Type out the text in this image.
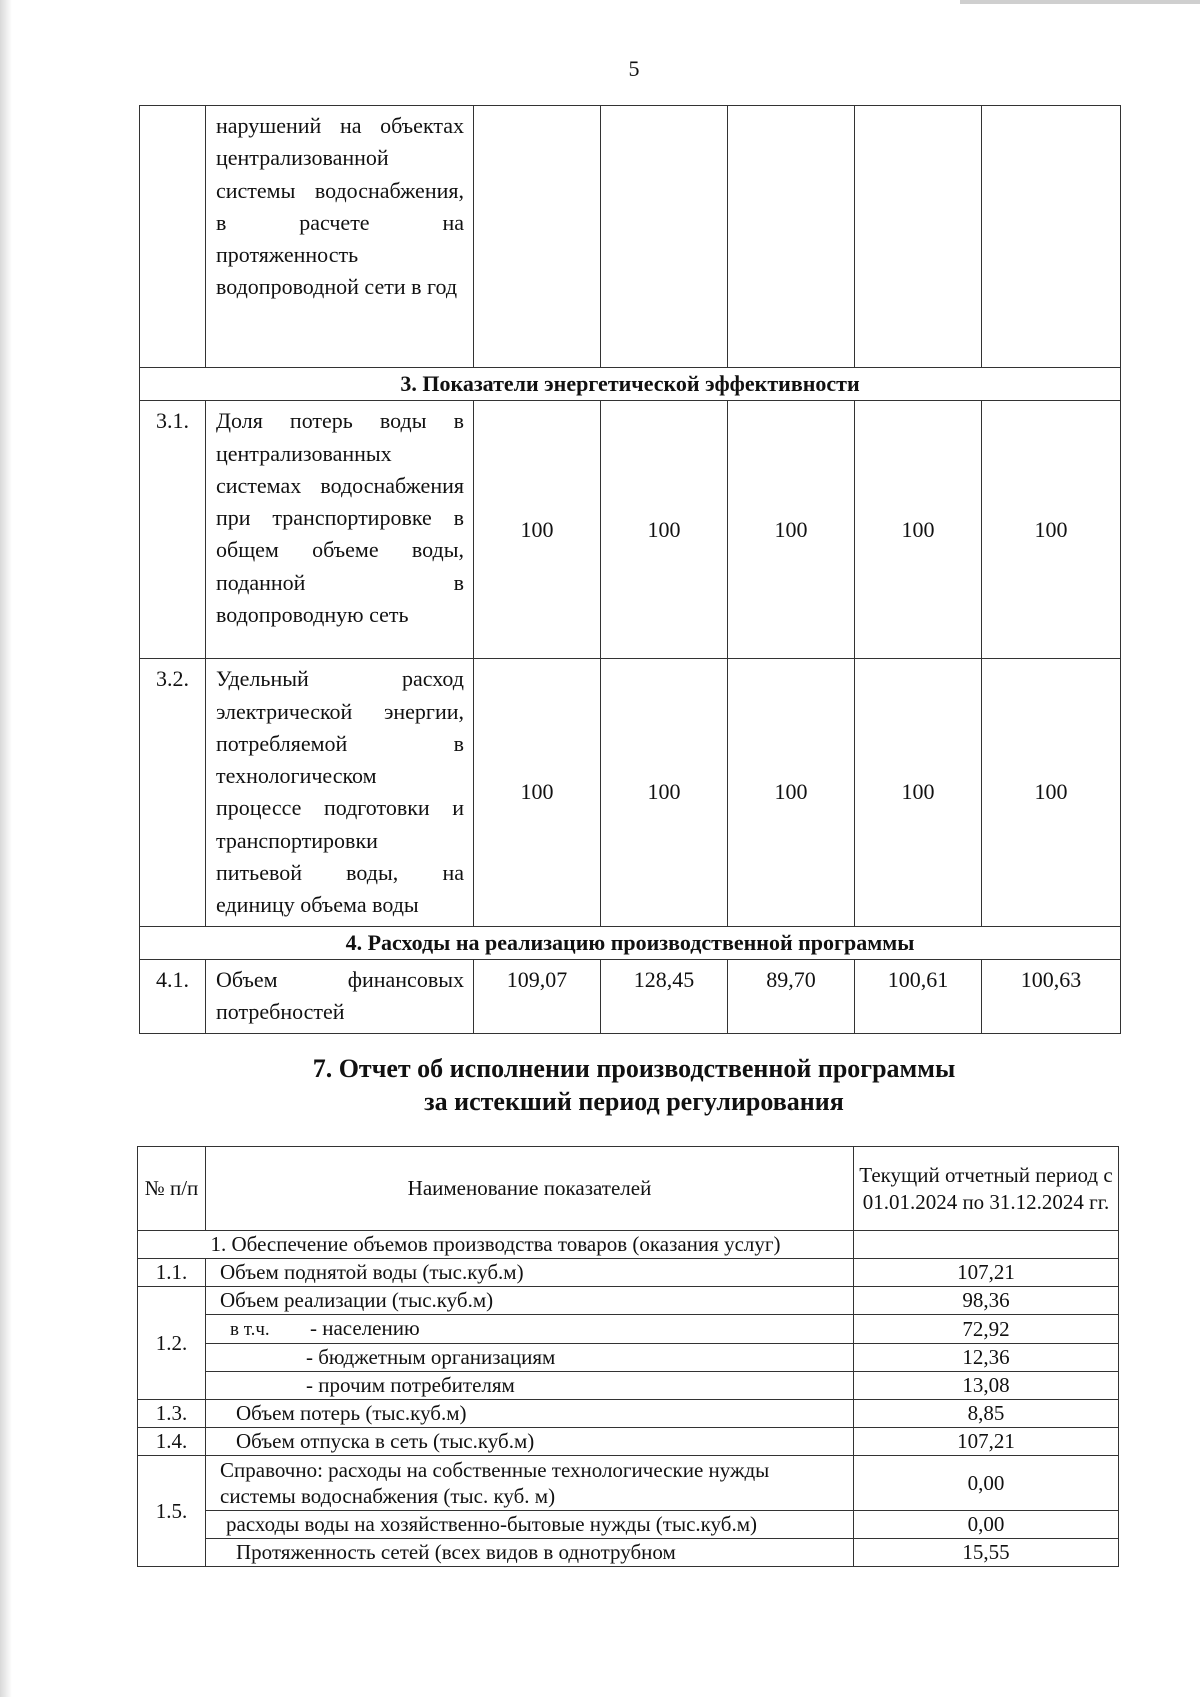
5
	нарушений на объектах централизованной системы водоснабжения, в расчете на протяженность водопроводной сети в год					
3. Показатели энергетической эффективности						
3.1.	Доля потерь воды в централизованных системах водоснабжения при транспортировке в общем объеме воды, поданной в водопроводную сеть	100	100	100	100	100
3.2.	Удельный расход электрической энергии, потребляемой в технологическом процессе подготовки и транспортировки питьевой воды, на единицу объема воды	100	100	100	100	100
4. Расходы на реализацию производственной программы						
4.1.	Объем финансовых потребностей	109,07	128,45	89,70	100,61	100,63
7. Отчет об исполнении производственной программы
за истекший период регулирования
№ п/п	Наименование показателей	Текущий отчетный период с 01.01.2024 по 31.12.2024 гг.
1. Обеспечение объемов производства товаров (оказания услуг)		
1.1.	Объем поднятой воды (тыс.куб.м)	107,21
1.2.	Объем реализации (тыс.куб.м)	98,36
	в т.ч. - населению	72,92
	- бюджетным организациям	12,36
	- прочим потребителям	13,08
1.3.	Объем потерь (тыс.куб.м)	8,85
1.4.	Объем отпуска в сеть (тыс.куб.м)	107,21
1.5.	Справочно: расходы на собственные технологические нужды системы водоснабжения (тыс. куб. м)	0,00
	расходы воды на хозяйственно-бытовые нужды (тыс.куб.м)	0,00
	Протяженность сетей (всех видов в однотрубном	15,55
